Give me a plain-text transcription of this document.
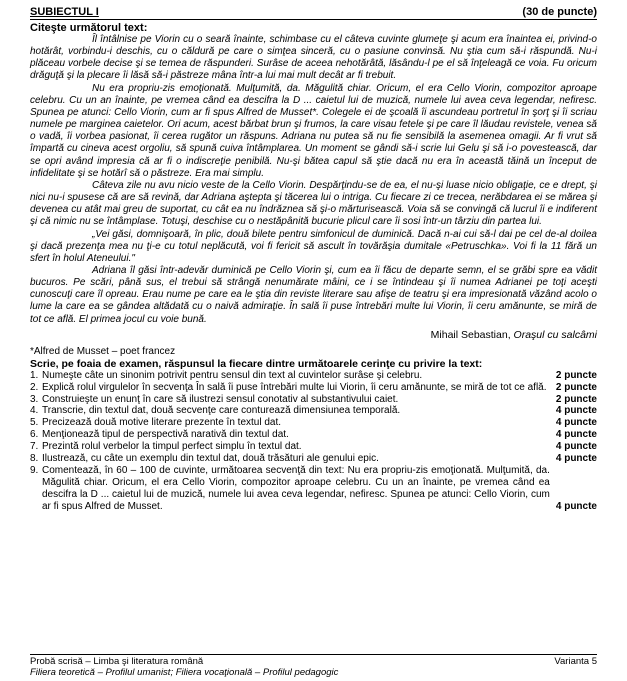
SUBIECTUL I	(30 de puncte)
Citeşte următorul text:

Îl întâlnise pe Viorin cu o seară înainte, schimbase cu el câteva cuvinte glumeţe şi acum era înaintea ei, privind-o hotărât, vorbindu-i deschis, cu o căldură pe care o simţea sinceră, cu o pasiune convinsă. Nu ştia cum să-i răspundă. Nu-i plăceau vorbele decise şi se temea de răspunderi. Surâse de aceea nehotărâtă, lăsându-l pe el să înţeleagă ce voia. Fu oricum drăguţă şi la plecare îi lăsă să-i păstreze mâna într-a lui mai mult decât ar fi trebuit.

Nu era propriu-zis emoţionată. Mulţumită, da. Măgulită chiar. Oricum, el era Cello Viorin, compozitor aproape celebru. Cu un an înainte, pe vremea când ea descifra la D ... caietul lui de muzică, numele lui avea ceva legendar, nefiresc. Spunea pe atunci: Cello Viorin, cum ar fi spus Alfred de Musset*. Colegele ei de şcoală îi ascundeau portretul în şorţ şi îi scriau numele pe marginea caietelor. Ori acum, acest bărbat brun şi frumos, la care visau fetele şi pe care îl lăudau revistele, venea să o vadă, îi vorbea pasionat, îi cerea rugător un răspuns. Adriana nu putea să nu fie sensibilă la asemenea omagii. Ar fi vrut să împartă cu cineva acest orgoliu, să spună cuiva întâmplarea. Un moment se gândi să-i scrie lui Gelu şi să i-o povestească, dar se opri având impresia că ar fi o indiscreţie penibilă. Nu-şi bătea capul să ştie dacă nu era în această tăină un început de infidelitate şi se hotărî să o păstreze. Era mai simplu.

Câteva zile nu avu nicio veste de la Cello Viorin. Despărţindu-se de ea, el nu-şi luase nicio obligaţie, ce e drept, şi nici nu-i spusese că are să revină, dar Adriana aştepta şi tăcerea lui o intriga. Cu fiecare zi ce trecea, nerăbdarea ei se mărea şi devenea cu atât mai greu de suportat, cu cât ea nu îndrăznea să şi-o mărturisească. Voia să se convingă că lucrul îi e indiferent şi că nimic nu se întâmplase. Totuşi, deschise cu o nestăpânită bucurie plicul care îi sosi într-un târziu din partea lui.

„Vei găsi, domnişoară, în plic, două bilete pentru simfonicul de duminică. Dacă n-ai cui să-l dai pe cel de-al doilea şi dacă prezenţa mea nu ţi-e cu totul neplăcută, voi fi fericit să ascult în tovărăşia dumitale «Petruschka». Voi fi la 11 fără un sfert în holul Ateneului."

Adriana îl găsi într-adevăr duminică pe Cello Viorin şi, cum ea îi făcu de departe semn, el se grăbi spre ea vădit bucuros. Pe scări, până sus, el trebui să strângă nenumărate mâini, ce i se întindeau şi îi numea Adrianei pe toţi aceşti cunoscuţi care îl opreau. Erau nume pe care ea le ştia din reviste literare sau afişe de teatru şi era impresionată văzând acolo o lume la care ea se gândea altădată cu o naivă admiraţie. În sală îi puse întrebări multe lui Viorin, îi ceru amănunte, se miră de tot ce află. El primea jocul cu voie bună.

Mihail Sebastian, Oraşul cu salcâmi
*Alfred de Musset – poet francez
Scrie, pe foaia de examen, răspunsul la fiecare dintre următoarele cerinţe cu privire la text:
1. Numeşte câte un sinonim potrivit pentru sensul din text al cuvintelor surâse şi celebru.	2 puncte
2. Explică rolul virgulelor în secvenţa În sală îi puse întrebări multe lui Viorin, îi ceru amănunte, se miră de tot ce află. 2 puncte
3. Construieşte un enunţ în care să ilustrezi sensul conotativ al substantivului caiet.	2 puncte
4. Transcrie, din textul dat, două secvenţe care conturează dimensiunea temporală.	4 puncte
5. Precizează două motive literare prezente în textul dat.	4 puncte
6. Menţionează tipul de perspectivă narativă din textul dat.	4 puncte
7. Prezintă rolul verbelor la timpul perfect simplu în textul dat.	4 puncte
8. Ilustrează, cu câte un exemplu din textul dat, două trăsături ale genului epic.	4 puncte
9. Comentează, în 60 – 100 de cuvinte, următoarea secvenţă din text: Nu era propriu-zis emoţionată. Mulţumită, da. Măgulită chiar. Oricum, el era Cello Viorin, compozitor aproape celebru. Cu un an înainte, pe vremea când ea descifra la D ... caietul lui de muzică, numele lui avea ceva legendar, nefiresc. Spunea pe atunci: Cello Viorin, cum ar fi spus Alfred de Musset.	4 puncte
Probă scrisă – Limba şi literatura română	Varianta 5
Filiera teoretică – Profilul umanist; Filiera vocaţională – Profilul pedagogic
